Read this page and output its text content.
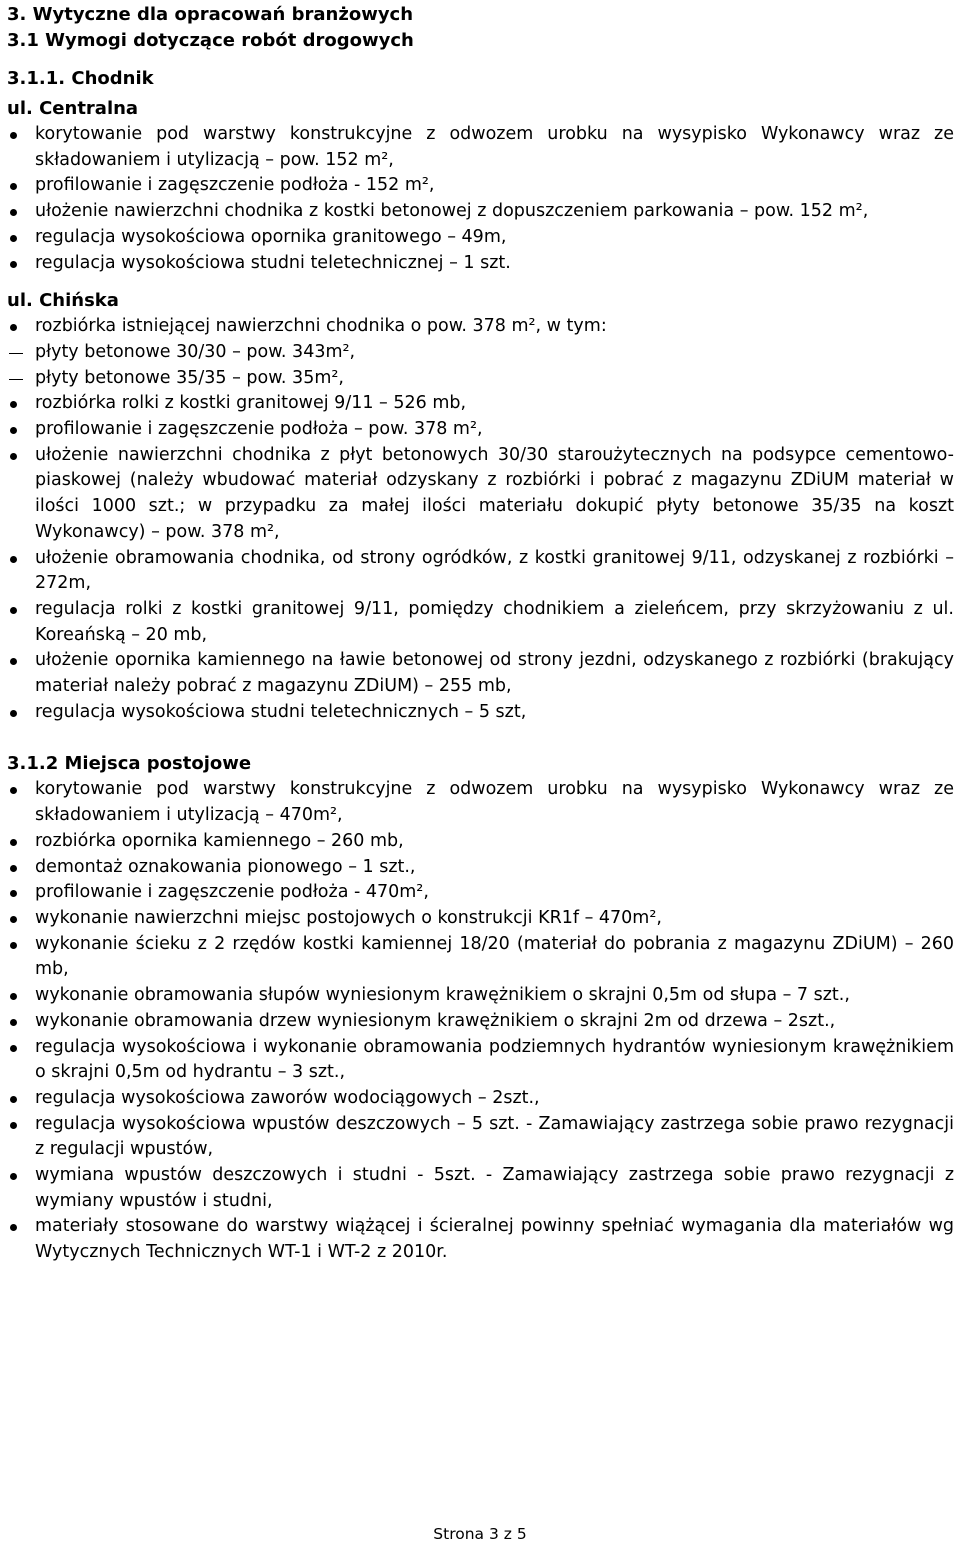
3. Wytyczne dla opracowań branżowych
3.1 Wymogi dotyczące robót drogowych
3.1.1. Chodnik
ul. Centralna
korytowanie pod warstwy konstrukcyjne z odwozem urobku na wysypisko Wykonawcy wraz ze składowaniem i utylizacją – pow. 152 m²,
profilowanie i zagęszczenie podłoża - 152 m²,
ułożenie nawierzchni chodnika z kostki betonowej z dopuszczeniem parkowania – pow. 152 m²,
regulacja wysokościowa opornika granitowego – 49m,
regulacja wysokościowa studni teletechnicznej – 1 szt.
ul. Chińska
rozbiórka istniejącej nawierzchni chodnika o pow. 378 m², w tym:
płyty betonowe 30/30 – pow. 343m²,
płyty betonowe 35/35 – pow. 35m²,
rozbiórka rolki z kostki granitowej 9/11 – 526 mb,
profilowanie i zagęszczenie podłoża – pow. 378 m²,
ułożenie nawierzchni chodnika z płyt betonowych 30/30 starоużytecznych na podsypce cementowo-piaskowej (należy wbudować materiał odzyskany z rozbiórki i pobrać z magazynu ZDiUM materiał w ilości 1000 szt.; w przypadku za małej ilości materiału dokupić płyty betonowe 35/35 na koszt Wykonawcy) – pow. 378 m²,
ułożenie obramowania chodnika, od strony ogródków, z kostki granitowej 9/11, odzyskanej z rozbiórki – 272m,
regulacja rolki z kostki granitowej 9/11, pomiędzy chodnikiem a zieleńcem, przy skrzyżowaniu z ul. Koreańską – 20 mb,
ułożenie opornika kamiennego na ławie betonowej od strony jezdni, odzyskanego z rozbiórki (brakujący materiał należy pobrać z magazynu ZDiUM) – 255 mb,
regulacja wysokościowa studni teletechnicznych – 5 szt,
3.1.2 Miejsca postojowe
korytowanie pod warstwy konstrukcyjne z odwozem urobku na wysypisko Wykonawcy wraz ze składowaniem i utylizacją – 470m²,
rozbiórka opornika kamiennego – 260 mb,
demontaż oznakowania pionowego – 1 szt.,
profilowanie i zagęszczenie podłoża - 470m²,
wykonanie nawierzchni miejsc postojowych o konstrukcji KR1f – 470m²,
wykonanie ścieku z 2 rzędów kostki kamiennej 18/20 (materiał do pobrania z magazynu ZDiUM) – 260 mb,
wykonanie obramowania słupów wyniesionym krawężnikiem o skrajni 0,5m od słupa – 7 szt.,
wykonanie obramowania drzew wyniesionym krawężnikiem o skrajni 2m od drzewa – 2szt.,
regulacja wysokościowa i wykonanie obramowania podziemnych hydrantów wyniesionym krawężnikiem o skrajni 0,5m od hydrantu – 3 szt.,
regulacja wysokościowa zaworów wodociągowych – 2szt.,
regulacja wysokościowa wpustów deszczowych – 5 szt. - Zamawiający zastrzega sobie prawo rezygnacji z regulacji wpustów,
wymiana wpustów deszczowych i studni - 5szt. - Zamawiający zastrzega sobie prawo rezygnacji z wymiany wpustów i studni,
materiały stosowane do warstwy wiążącej i ścieralnej powinny spełniać wymagania dla materiałów wg Wytycznych Technicznych WT-1 i WT-2 z 2010r.
Strona 3 z 5
